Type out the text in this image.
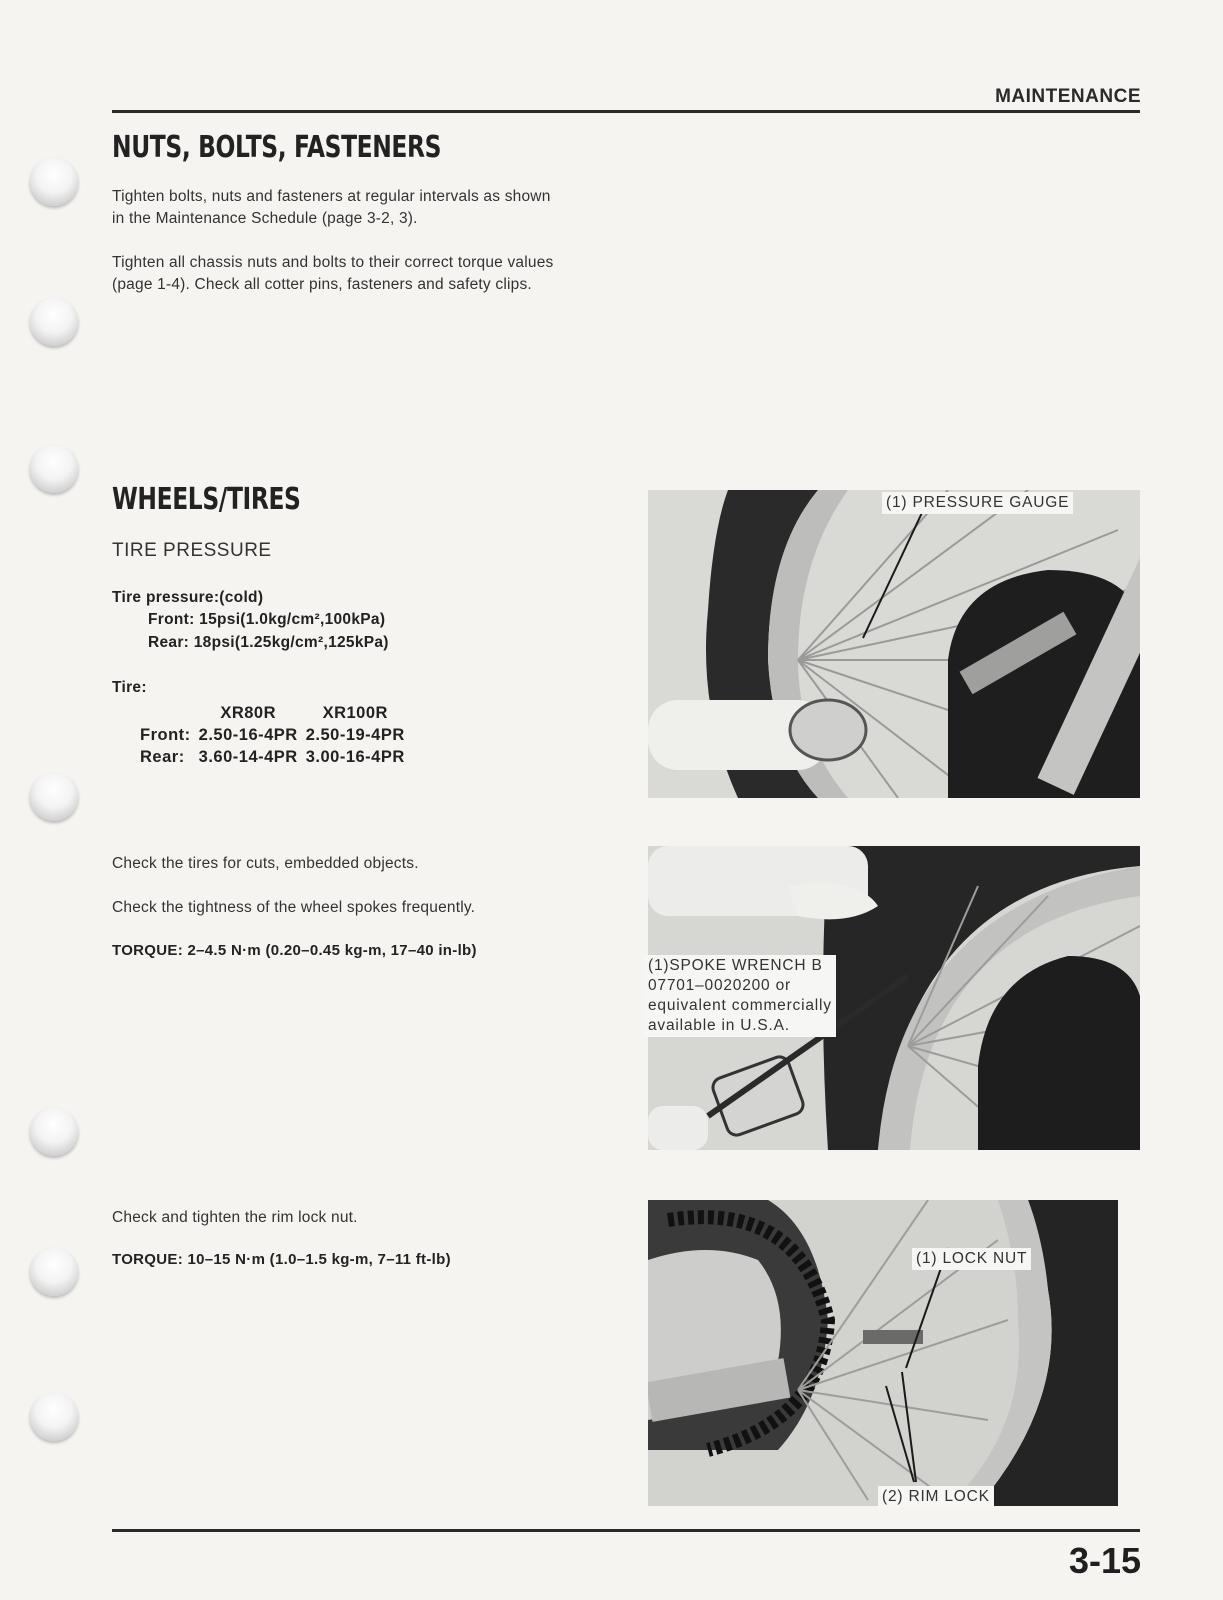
MAINTENANCE
NUTS, BOLTS, FASTENERS

Tighten bolts, nuts and fasteners at regular intervals as shown
in the Maintenance Schedule (page 3-2, 3).

Tighten all chassis nuts and bolts to their correct torque values
(page 1-4). Check all cotter pins, fasteners and safety clips.

WHEELS/TIRES
TIRE PRESSURE
Tire pressure:(cold)
Front: 15psi(1.0kg/cm²,100kPa)
Rear: 18psi(1.25kg/cm²,125kPa)
Tire:
	XR80R	XR100R
Front:	2.50-16-4PR	2.50-19-4PR
Rear:	3.60-14-4PR	3.00-16-4PR
Check the tires for cuts, embedded objects.
Check the tightness of the wheel spokes frequently.
TORQUE: 2–4.5 N·m (0.20–0.45 kg-m, 17–40 in-lb)
Check and tighten the rim lock nut.
TORQUE: 10–15 N·m (1.0–1.5 kg-m, 7–11 ft-lb)
(1) PRESSURE GAUGE
(1)SPOKE WRENCH B
07701–0020200 or
equivalent commercially
available in U.S.A.
(1) LOCK NUT
(2) RIM LOCK
3-15
